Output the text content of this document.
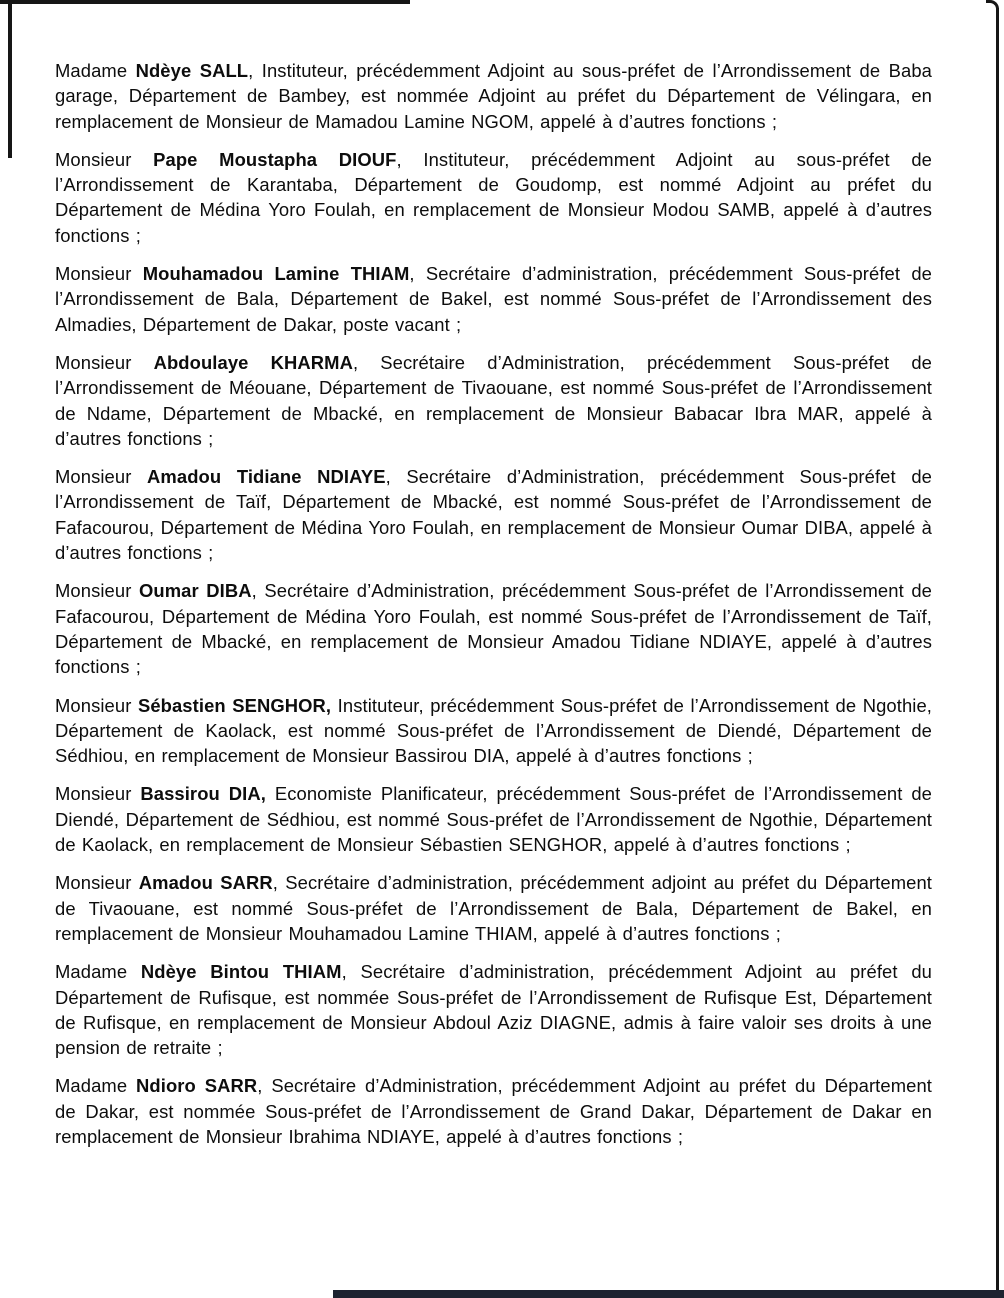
Madame Ndèye SALL, Instituteur, précédemment Adjoint au sous-préfet de l’Arrondissement de Baba garage, Département de Bambey, est nommée Adjoint au préfet du Département de Vélingara, en remplacement de Monsieur de Mamadou Lamine NGOM, appelé à d’autres fonctions ;

Monsieur Pape Moustapha DIOUF, Instituteur, précédemment Adjoint au sous-préfet de l’Arrondissement de Karantaba, Département de Goudomp, est nommé Adjoint au préfet du Département de Médina Yoro Foulah, en remplacement de Monsieur Modou SAMB, appelé à d’autres fonctions ;

Monsieur Mouhamadou Lamine THIAM, Secrétaire d’administration, précédemment Sous-préfet de l’Arrondissement de Bala, Département de Bakel, est nommé Sous-préfet de l’Arrondissement des Almadies, Département de Dakar, poste vacant ;

Monsieur Abdoulaye KHARMA, Secrétaire d’Administration, précédemment Sous-préfet de l’Arrondissement de Méouane, Département de Tivaouane, est nommé Sous-préfet de l’Arrondissement de Ndame, Département de Mbacké, en remplacement de Monsieur Babacar Ibra MAR, appelé à d’autres fonctions ;

Monsieur Amadou Tidiane NDIAYE, Secrétaire d’Administration, précédemment Sous-préfet de l’Arrondissement de Taïf, Département de Mbacké, est nommé Sous-préfet de l’Arrondissement de Fafacourou, Département de Médina Yoro Foulah, en remplacement de Monsieur Oumar DIBA, appelé à d’autres fonctions ;

Monsieur Oumar DIBA, Secrétaire d’Administration, précédemment Sous-préfet de l’Arrondissement de Fafacourou, Département de Médina Yoro Foulah, est nommé Sous-préfet de l’Arrondissement de Taïf, Département de Mbacké, en remplacement de Monsieur Amadou Tidiane NDIAYE, appelé à d’autres fonctions ;

Monsieur Sébastien SENGHOR, Instituteur, précédemment Sous-préfet de l’Arrondissement de Ngothie, Département de Kaolack, est nommé Sous-préfet de l’Arrondissement de Diendé, Département de Sédhiou, en remplacement de Monsieur Bassirou DIA, appelé à d’autres fonctions ;

Monsieur Bassirou DIA, Economiste Planificateur, précédemment Sous-préfet de l’Arrondissement de Diendé, Département de Sédhiou, est nommé Sous-préfet de l’Arrondissement de Ngothie, Département de Kaolack, en remplacement de Monsieur Sébastien SENGHOR, appelé à d’autres fonctions ;

Monsieur Amadou SARR, Secrétaire d’administration, précédemment adjoint au préfet du Département de Tivaouane, est nommé Sous-préfet de l’Arrondissement de Bala, Département de Bakel, en remplacement de Monsieur Mouhamadou Lamine THIAM, appelé à d’autres fonctions ;

Madame Ndèye Bintou THIAM, Secrétaire d’administration, précédemment Adjoint au préfet du Département de Rufisque, est nommée Sous-préfet de l’Arrondissement de Rufisque Est, Département de Rufisque, en remplacement de Monsieur Abdoul Aziz DIAGNE, admis à faire valoir ses droits à une pension de retraite ;

Madame Ndioro SARR, Secrétaire d’Administration, précédemment Adjoint au préfet du Département de Dakar, est nommée Sous-préfet de l’Arrondissement de Grand Dakar, Département de Dakar en remplacement de Monsieur Ibrahima NDIAYE, appelé à d’autres fonctions ;
